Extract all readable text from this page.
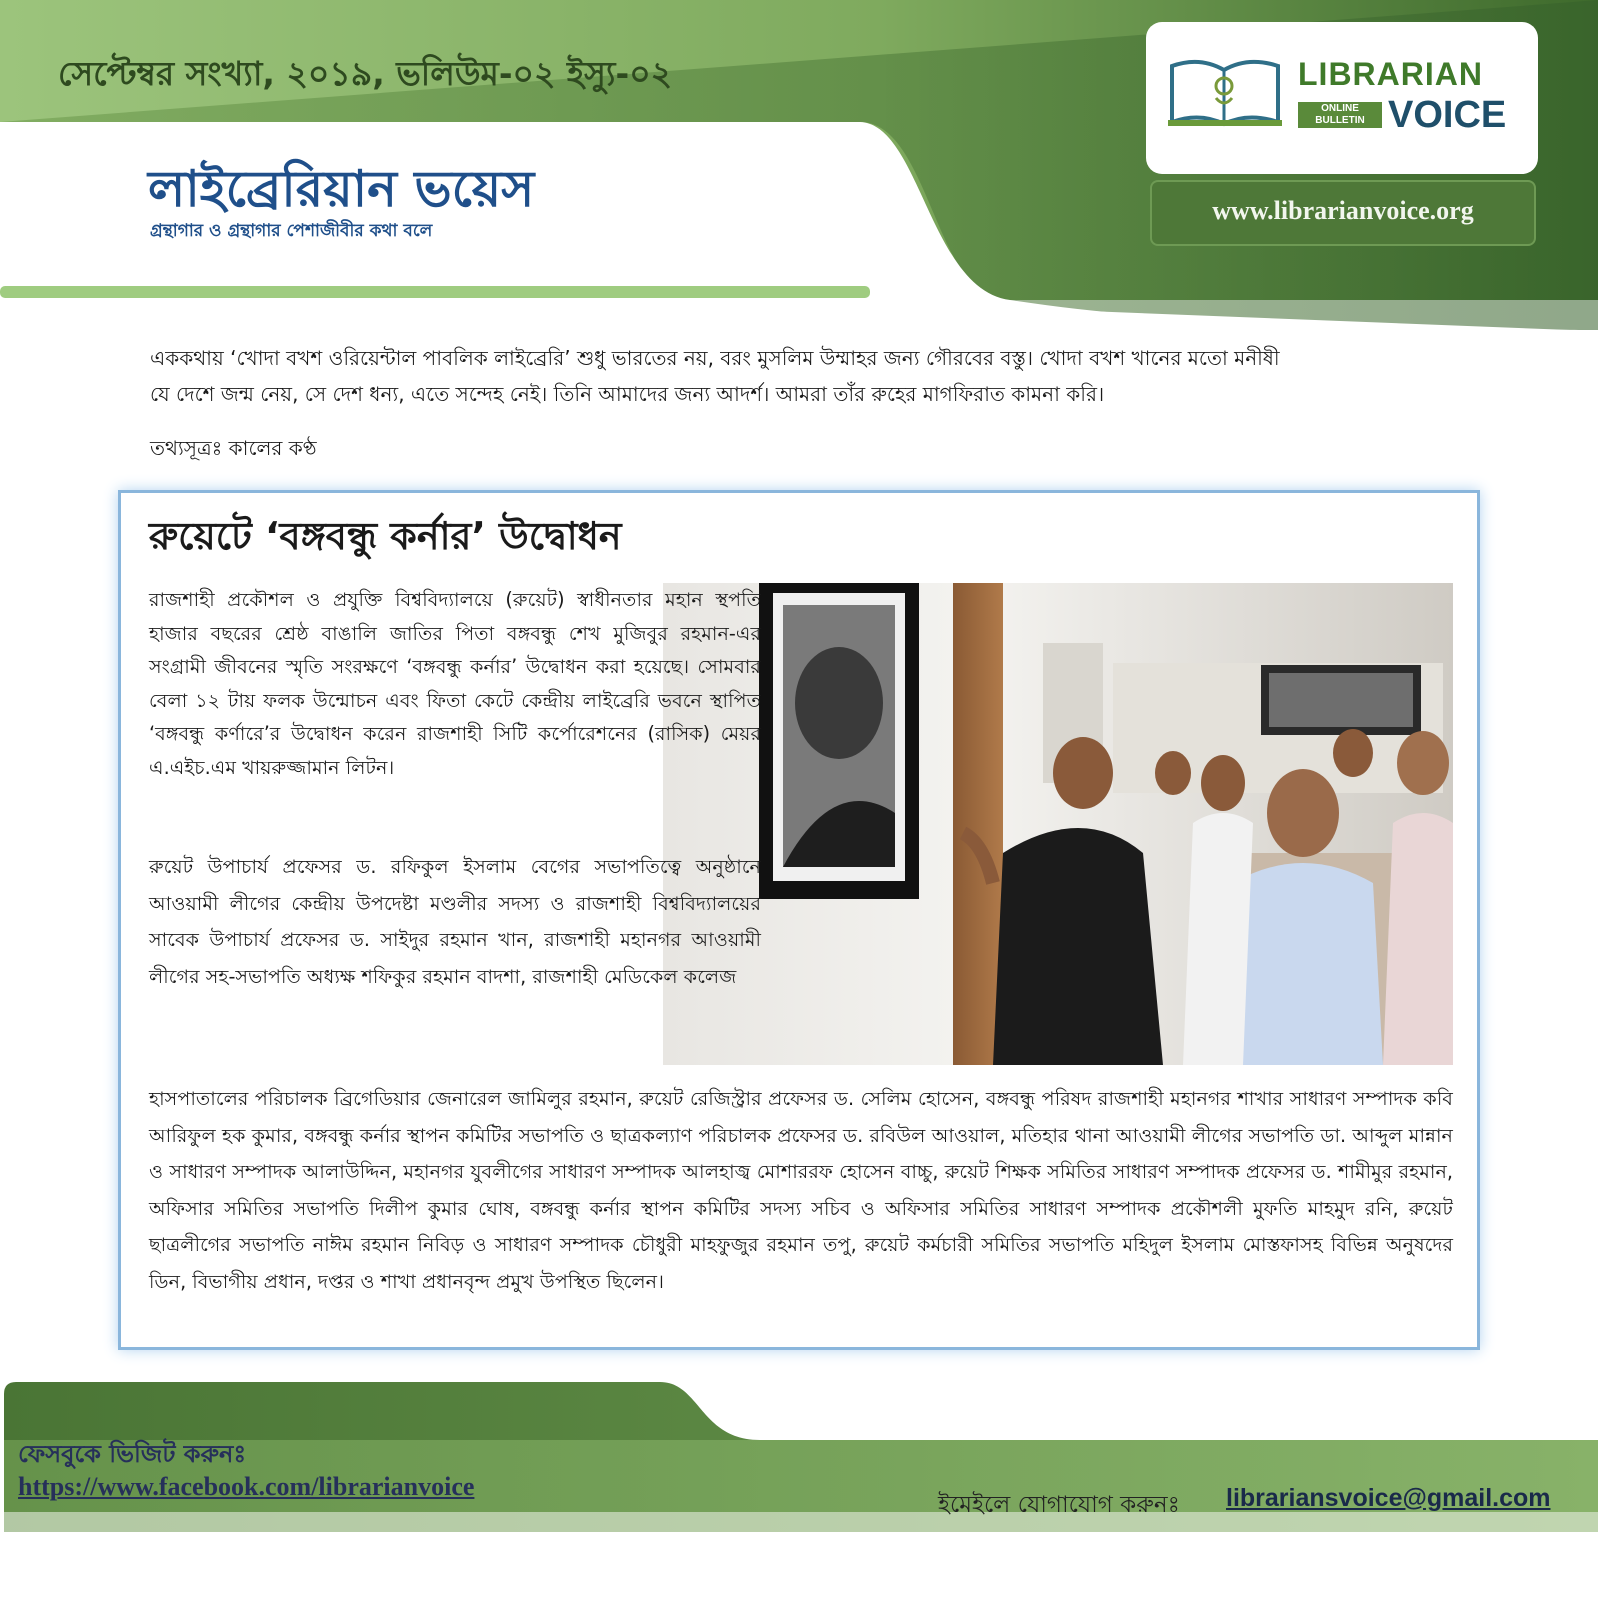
সেপ্টেম্বর সংখ্যা, ২০১৯, ভলিউম-০২ ইস্যু-০২
লাইব্রেরিয়ান ভয়েস
গ্রন্থাগার ও গ্রন্থাগার পেশাজীবীর কথা বলে
LIBRARIAN
ONLINE
BULLETIN VOICE
www.librarianvoice.org
এককথায় ‘খোদা বখশ ওরিয়েন্টাল পাবলিক লাইব্রেরি’ শুধু ভারতের নয়, বরং মুসলিম উম্মাহর জন্য গৌরবের বস্তু। খোদা বখশ খানের মতো মনীষী
যে দেশে জন্ম নেয়, সে দেশ ধন্য, এতে সন্দেহ নেই। তিনি আমাদের জন্য আদর্শ। আমরা তাঁর রুহের মাগফিরাত কামনা করি।
তথ্যসূত্রঃ কালের কণ্ঠ
রুয়েটে ‘বঙ্গবন্ধু কর্নার’ উদ্বোধন
রাজশাহী প্রকৌশল ও প্রযুক্তি বিশ্ববিদ্যালয়ে (রুয়েট) স্বাধীনতার মহান স্থপতি হাজার বছরের শ্রেষ্ঠ বাঙালি জাতির পিতা বঙ্গবন্ধু শেখ মুজিবুর রহমান-এর সংগ্রামী জীবনের স্মৃতি সংরক্ষণে ‘বঙ্গবন্ধু কর্নার’ উদ্বোধন করা হয়েছে। সোমবার বেলা ১২ টায় ফলক উন্মোচন এবং ফিতা কেটে কেন্দ্রীয় লাইব্রেরি ভবনে স্থাপিত ‘বঙ্গবন্ধু কর্ণারে’র উদ্বোধন করেন রাজশাহী সিটি কর্পোরেশনের (রাসিক) মেয়র এ.এইচ.এম খায়রুজ্জামান লিটন।
রুয়েট উপাচার্য প্রফেসর ড. রফিকুল ইসলাম বেগের সভাপতিত্বে অনুষ্ঠানে আওয়ামী লীগের কেন্দ্রীয় উপদেষ্টা মণ্ডলীর সদস্য ও রাজশাহী বিশ্ববিদ্যালয়ের সাবেক উপাচার্য প্রফেসর ড. সাইদুর রহমান খান, রাজশাহী মহানগর আওয়ামী লীগের সহ-সভাপতি অধ্যক্ষ শফিকুর রহমান বাদশা, রাজশাহী মেডিকেল কলেজ
হাসপাতালের পরিচালক ব্রিগেডিয়ার জেনারেল জামিলুর রহমান, রুয়েট রেজিস্ট্রার প্রফেসর ড. সেলিম হোসেন, বঙ্গবন্ধু পরিষদ রাজশাহী মহানগর শাখার সাধারণ সম্পাদক কবি আরিফুল হক কুমার, বঙ্গবন্ধু কর্নার স্থাপন কমিটির সভাপতি ও ছাত্রকল্যাণ পরিচালক প্রফেসর ড. রবিউল আওয়াল, মতিহার থানা আওয়ামী লীগের সভাপতি ডা. আব্দুল মান্নান ও সাধারণ সম্পাদক আলাউদ্দিন, মহানগর যুবলীগের সাধারণ সম্পাদক আলহাজ্ব মোশাররফ হোসেন বাচ্চু, রুয়েট শিক্ষক সমিতির সাধারণ সম্পাদক প্রফেসর ড. শামীমুর রহমান, অফিসার সমিতির সভাপতি দিলীপ কুমার ঘোষ, বঙ্গবন্ধু কর্নার স্থাপন কমিটির সদস্য সচিব ও অফিসার সমিতির সাধারণ সম্পাদক প্রকৌশলী মুফতি মাহমুদ রনি, রুয়েট ছাত্রলীগের সভাপতি নাঈম রহমান নিবিড় ও সাধারণ সম্পাদক চৌধুরী মাহফুজুর রহমান তপু, রুয়েট কর্মচারী সমিতির সভাপতি মহিদুল ইসলাম মোস্তফাসহ বিভিন্ন অনুষদের ডিন, বিভাগীয় প্রধান, দপ্তর ও শাখা প্রধানবৃন্দ প্রমুখ উপস্থিত ছিলেন।
ফেসবুকে ভিজিট করুনঃ
https://www.facebook.com/librarianvoice
ইমেইলে যোগাযোগ করুনঃ librariansvoice@gmail.com
